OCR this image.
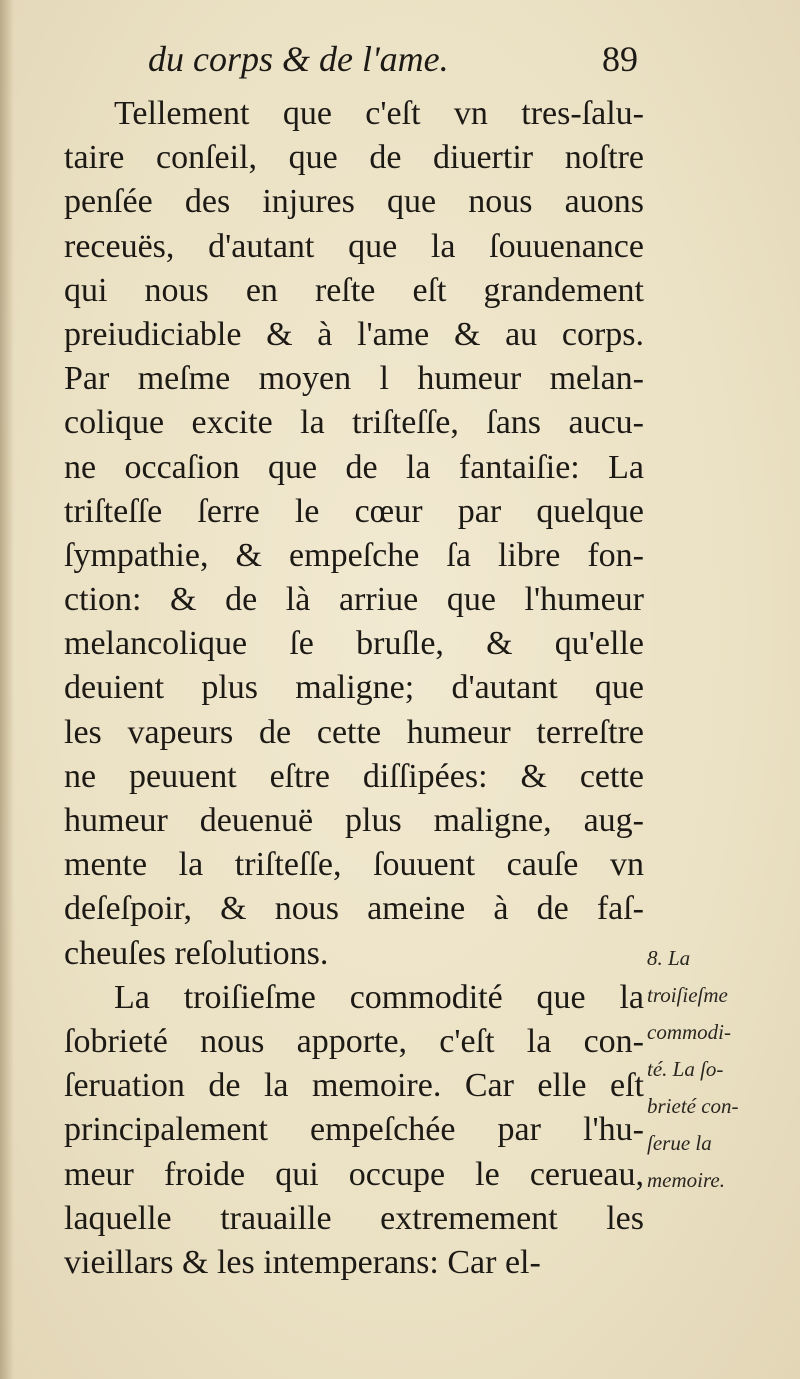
du corps & de l'ame.	89
Tellement que c'eſt vn tres-ſalu-
taire conſeil, que de diuertir noſtre
penſée des injures que nous auons
receuës, d'autant que la ſouuenance
qui nous en reſte eſt grandement
preiudiciable & à l'ame & au corps.
Par meſme moyen l humeur melan-
colique excite la triſteſſe, ſans aucu-
ne occaſion que de la fantaiſie: La
triſteſſe ſerre le cœur par quelque
ſympathie, & empeſche ſa libre fon-
ction: & de là arriue que l'humeur
melancolique ſe bruſle, & qu'elle
deuient plus maligne; d'autant que
les vapeurs de cette humeur terreſtre
ne peuuent eſtre diſſipées: & cette
humeur deuenuë plus maligne, aug-
mente la triſteſſe, ſouuent cauſe vn
deſeſpoir, & nous ameine à de faſ-
cheuſes reſolutions.
La troiſieſme commodité que la
ſobrieté nous apporte, c'eſt la con-
ſeruation de la memoire. Car elle eſt
principalement empeſchée par l'hu-
meur froide qui occupe le cerueau,
laquelle trauaille extremement les
vieillars & les intemperans: Car el-
8. La
troiſieſme
commodi-
té. La ſo-
brieté con-
ſerue la
memoire.
